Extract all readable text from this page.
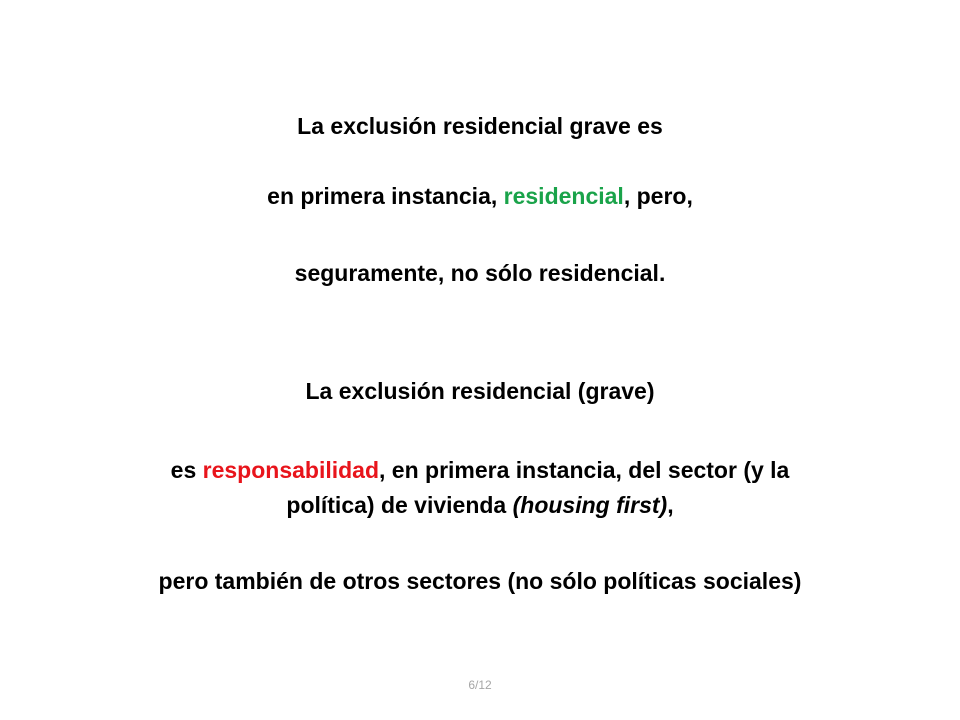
La exclusión residencial grave es
en primera instancia, residencial, pero,
seguramente, no sólo residencial.
La exclusión residencial (grave)
es responsabilidad, en primera instancia, del sector (y la
política) de vivienda (housing first),
pero también de otros sectores (no sólo políticas sociales)
6/12
